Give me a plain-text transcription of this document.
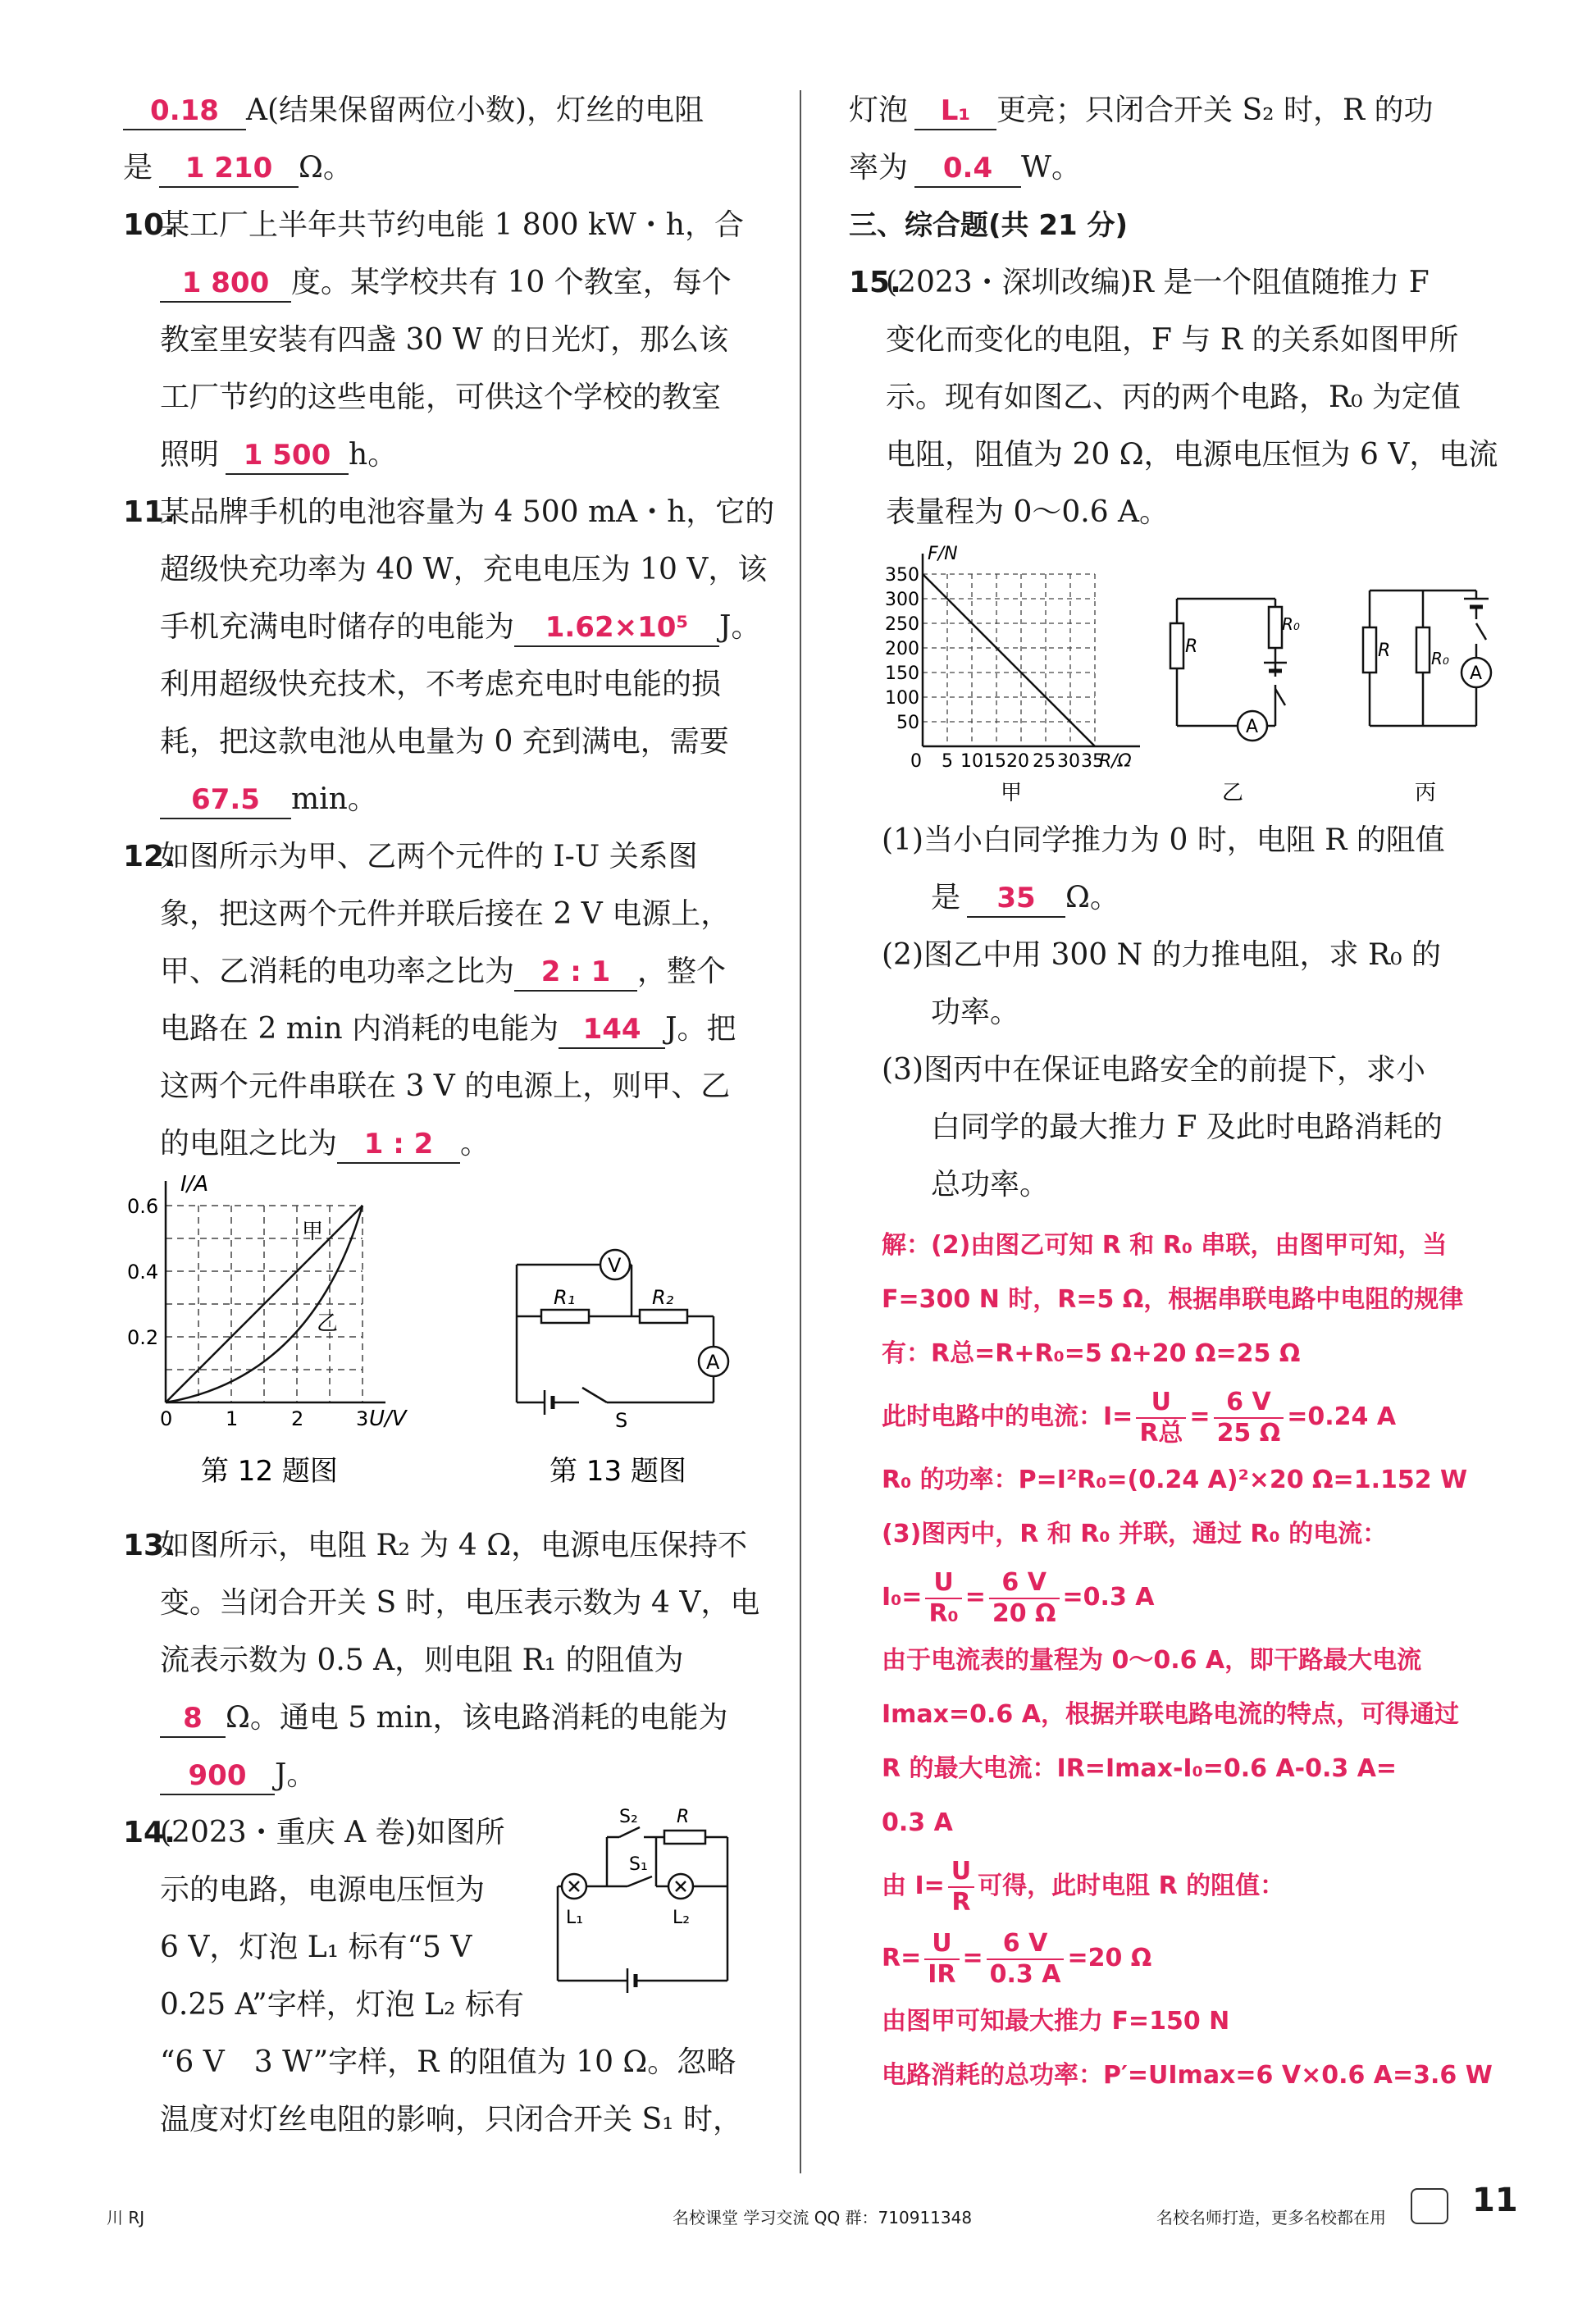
0.18 A(结果保留两位小数)，灯丝的电阻
是 1 210 Ω。
10.某工厂上半年共节约电能 1 800 kW・h，合
1 800 度。某学校共有 10 个教室，每个
教室里安装有四盏 30 W 的日光灯，那么该
工厂节约的这些电能，可供这个学校的教室
照明 1 500 h。
11.某品牌手机的电池容量为 4 500 mA・h，它的
超级快充功率为 40 W，充电电压为 10 V，该
手机充满电时储存的电能为 1.62×10⁵ J。
利用超级快充技术，不考虑充电时电能的损
耗，把这款电池从电量为 0 充到满电，需要
67.5 min。
12.如图所示为甲、乙两个元件的 I-U 关系图
象，把这两个元件并联后接在 2 V 电源上，
甲、乙消耗的电功率之比为 2 : 1 ，整个
电路在 2 min 内消耗的电能为 144 J。把
这两个元件串联在 3 V 的电源上，则甲、乙
的电阻之比为 1 : 2 。
I/A
U/V
0.6
0.4
0.2
0	1	2	3
甲
乙
第 12 题图
V
A
R₁	R₂
S
第 13 题图
13.如图所示，电阻 R₂ 为 4 Ω，电源电压保持不
变。当闭合开关 S 时，电压表示数为 4 V，电
流表示数为 0.5 A，则电阻 R₁ 的阻值为
8 Ω。通电 5 min，该电路消耗的电能为
900 J。
14.(2023・重庆 A 卷)如图所
示的电路，电源电压恒为
6 V，灯泡 L₁ 标有“5 V
0.25 A”字样，灯泡 L₂ 标有
“6 V　3 W”字样，R 的阻值为 10 Ω。忽略
温度对灯丝电阻的影响，只闭合开关 S₁ 时，
S₂
S₁
R
L₁	L₂
灯泡 L₁ 更亮；只闭合开关 S₂ 时，R 的功
率为 0.4 W。
三、综合题(共 21 分)
15.(2023・深圳改编)R 是一个阻值随推力 F
变化而变化的电阻，F 与 R 的关系如图甲所
示。现有如图乙、丙的两个电路，R₀ 为定值
电阻，阻值为 20 Ω，电源电压恒为 6 V，电流
表量程为 0～0.6 A。
F/N
R/Ω
350
300
250
200
150
100
50
0 5 10 15 20 25 30 35
甲
R
R₀
A
乙
R R₀
A
丙
(1)当小白同学推力为 0 时，电阻 R 的阻值
是 35 Ω。
(2)图乙中用 300 N 的力推电阻，求 R₀ 的
功率。
(3)图丙中在保证电路安全的前提下，求小
白同学的最大推力 F 及此时电路消耗的
总功率。
解：(2)由图乙可知 R 和 R₀ 串联，由图甲可知，当
F=300 N 时，R=5 Ω，根据串联电路中电阻的规律
有：R总=R+R₀=5 Ω+20 Ω=25 Ω
此时电路中的电流：$I= \frac{U}{\text{R总}} = \frac{6 V}{25 \Omega} =0.24$ A
R₀ 的功率：P=I²R₀=(0.24 A)²×20 Ω=1.152 W
(3)图丙中，R 和 R₀ 并联，通过 R₀ 的电流：
$I_0= \frac{U}{\text{R₀}} = \frac{6 V}{20 \Omega} =0.3$ A
由于电流表的量程为 0～0.6 A，即干路最大电流
Imax=0.6 A，根据并联电路电流的特点，可得通过
R 的最大电流：IR=Imax-I₀=0.6 A-0.3 A=
0.3 A
由 $I= \frac{U}{R}$ 可得，此时电阻 R 的阻值：
$R= \frac{U}{IR} = \frac{6 V}{0.3 A} =20$ Ω
由图甲可知最大推力 F=150 N
电路消耗的总功率：P′=UImax=6 V×0.6 A=3.6 W
川 RJ	名校课堂 学习交流 QQ 群：710911348	名校名师打造，更多名校都在用	11
